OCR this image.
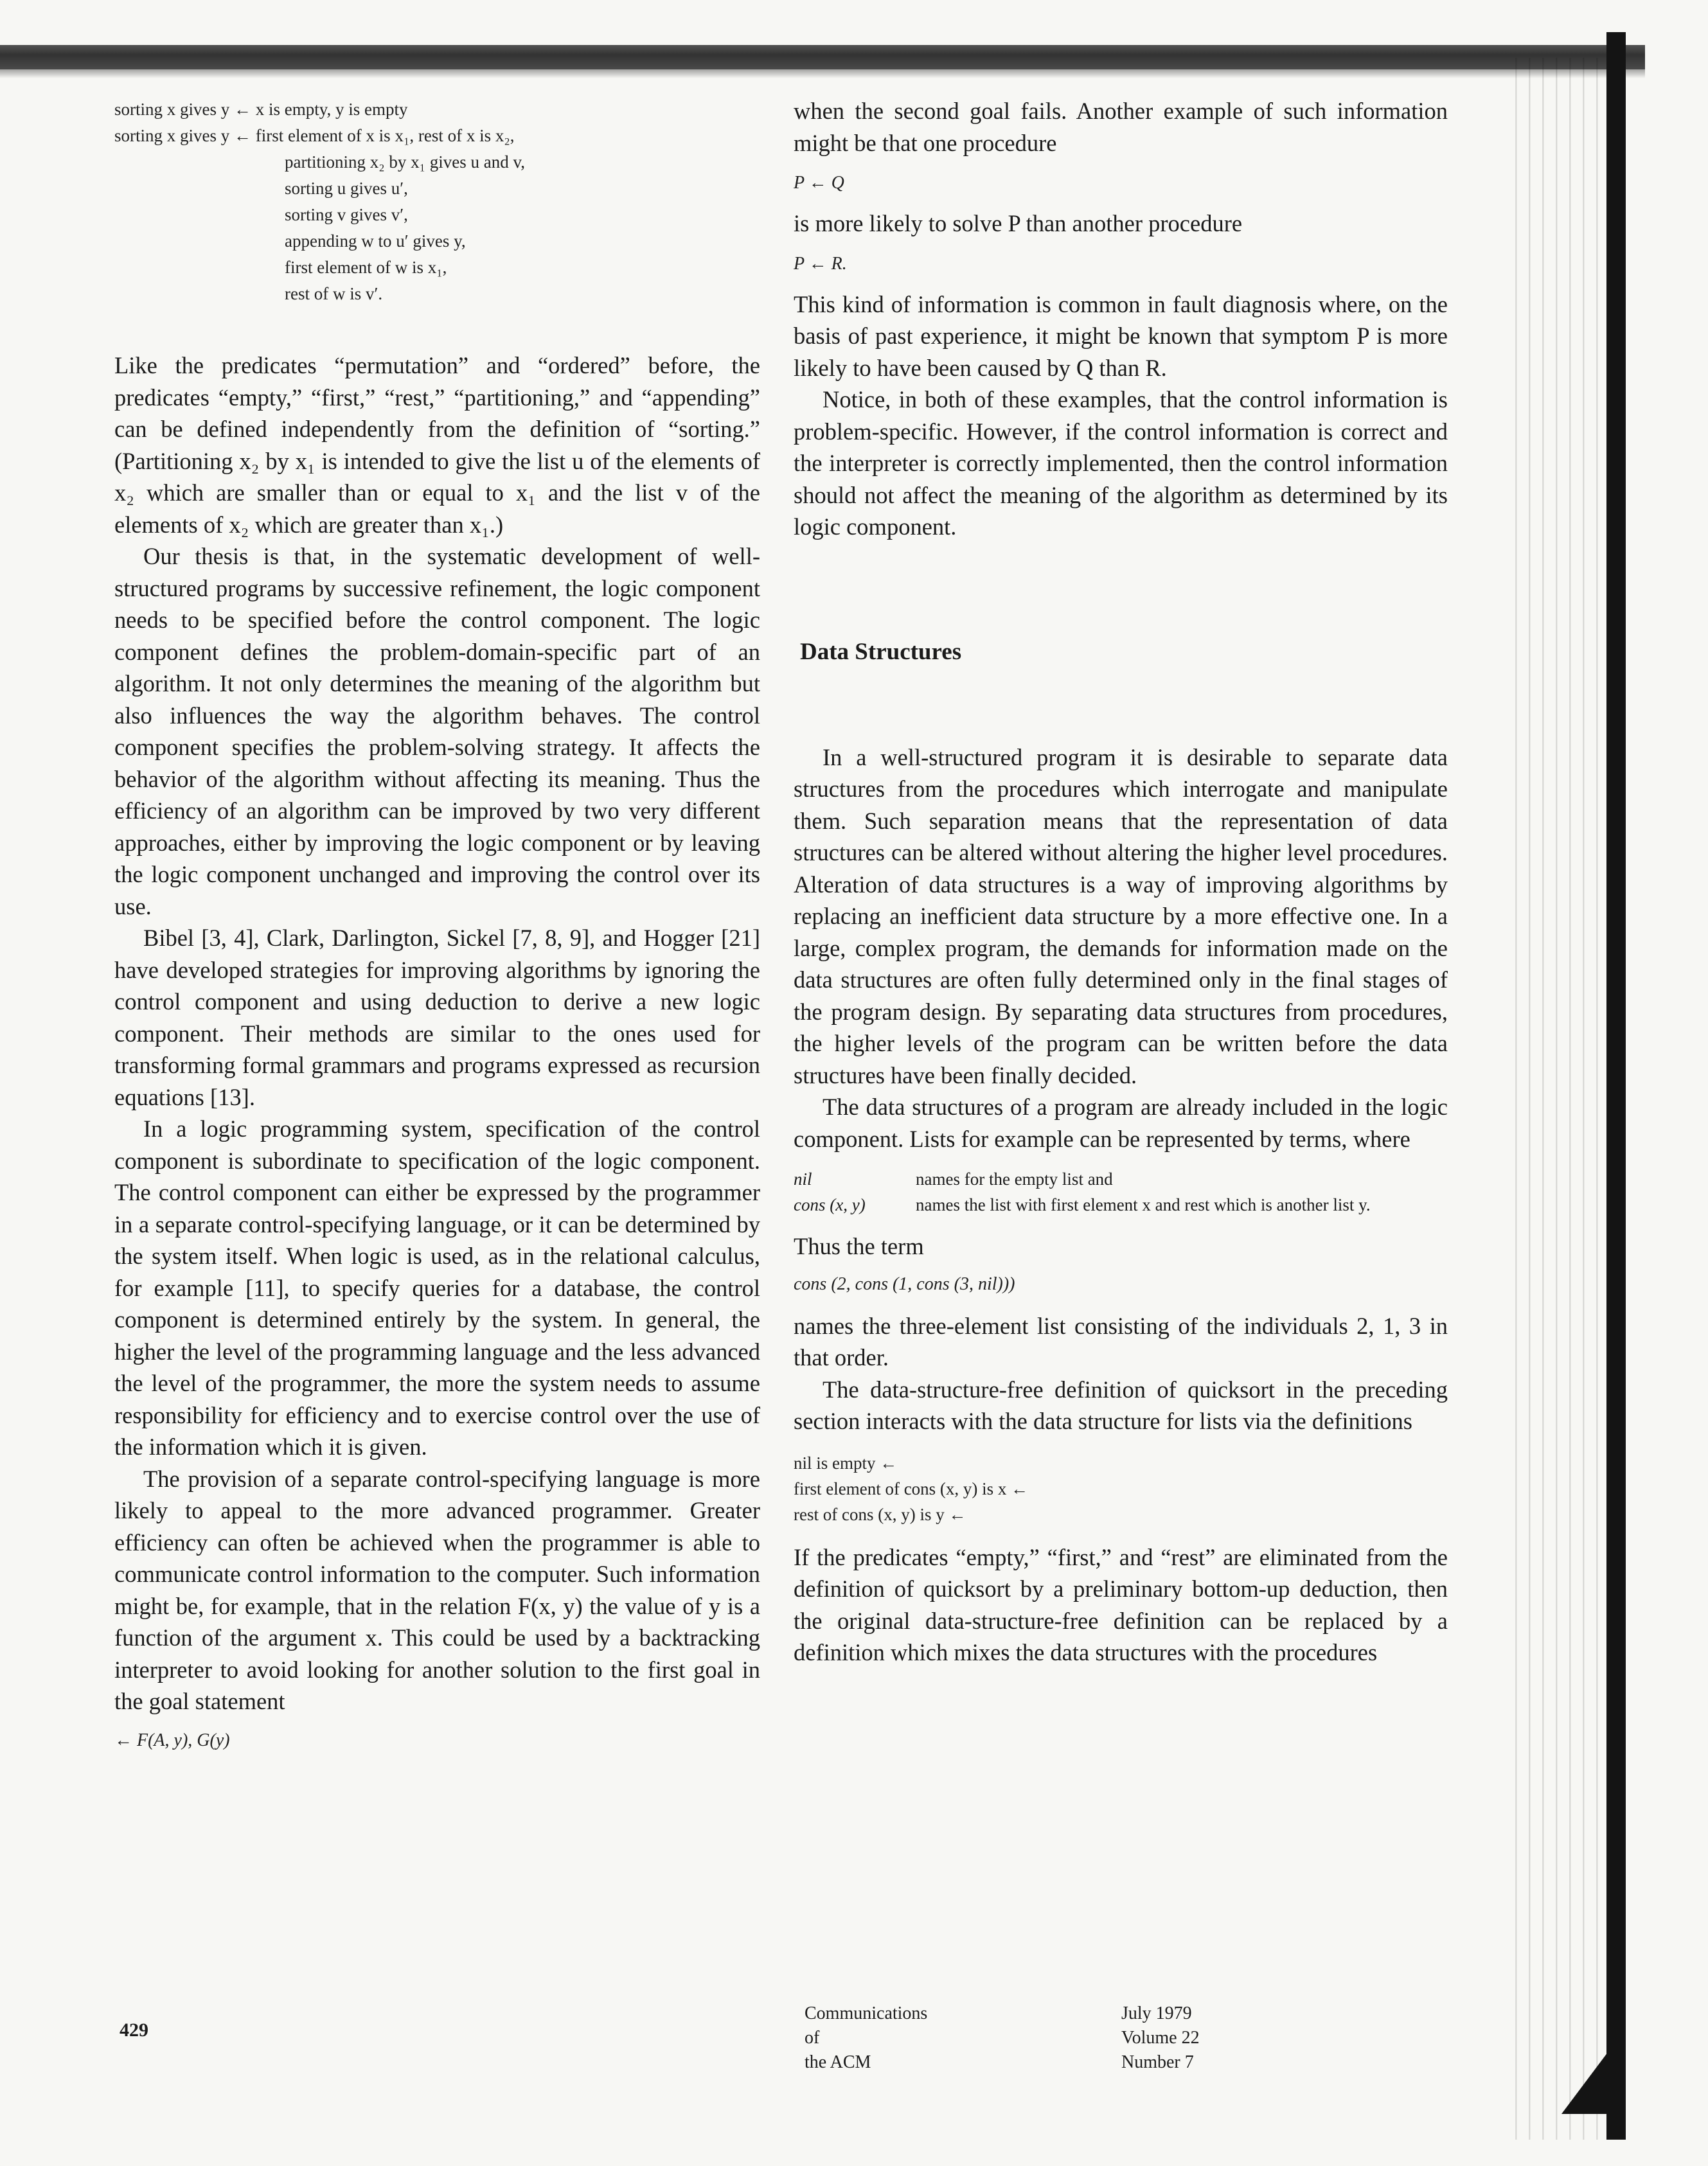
sorting x gives y ← x is empty, y is empty
sorting x gives y ← first element of x is x₁, rest of x is x₂,
partitioning x₂ by x₁ gives u and v,
sorting u gives u′,
sorting v gives v′,
appending w to u′ gives y,
first element of w is x₁,
rest of w is v′.

Like the predicates “permutation” and “ordered” before, the predicates “empty,” “first,” “rest,” “partitioning,” and “appending” can be defined independently from the definition of “sorting.” (Partitioning x₂ by x₁ is intended to give the list u of the elements of x₂ which are smaller than or equal to x₁ and the list v of the elements of x₂ which are greater than x₁.)

Our thesis is that, in the systematic development of well-structured programs by successive refinement, the logic component needs to be specified before the control component. The logic component defines the problem-domain-specific part of an algorithm. It not only determines the meaning of the algorithm but also influences the way the algorithm behaves. The control component specifies the problem-solving strategy. It affects the behavior of the algorithm without affecting its meaning. Thus the efficiency of an algorithm can be improved by two very different approaches, either by improving the logic component or by leaving the logic component unchanged and improving the control over its use.

Bibel [3, 4], Clark, Darlington, Sickel [7, 8, 9], and Hogger [21] have developed strategies for improving algorithms by ignoring the control component and using deduction to derive a new logic component. Their methods are similar to the ones used for transforming formal grammars and programs expressed as recursion equations [13].

In a logic programming system, specification of the control component is subordinate to specification of the logic component. The control component can either be expressed by the programmer in a separate control-specifying language, or it can be determined by the system itself. When logic is used, as in the relational calculus, for example [11], to specify queries for a database, the control component is determined entirely by the system. In general, the higher the level of the programming language and the less advanced the level of the programmer, the more the system needs to assume responsibility for efficiency and to exercise control over the use of the information which it is given.

The provision of a separate control-specifying language is more likely to appeal to the more advanced programmer. Greater efficiency can often be achieved when the programmer is able to communicate control information to the computer. Such information might be, for example, that in the relation F(x, y) the value of y is a function of the argument x. This could be used by a backtracking interpreter to avoid looking for another solution to the first goal in the goal statement

← F(A, y), G(y)
429

when the second goal fails. Another example of such information might be that one procedure

P ← Q

is more likely to solve P than another procedure

P ← R.

This kind of information is common in fault diagnosis where, on the basis of past experience, it might be known that symptom P is more likely to have been caused by Q than R.

Notice, in both of these examples, that the control information is problem-specific. However, if the control information is correct and the interpreter is correctly implemented, then the control information should not affect the meaning of the algorithm as determined by its logic component.

Data Structures

In a well-structured program it is desirable to separate data structures from the procedures which interrogate and manipulate them. Such separation means that the representation of data structures can be altered without altering the higher level procedures. Alteration of data structures is a way of improving algorithms by replacing an inefficient data structure by a more effective one. In a large, complex program, the demands for information made on the data structures are often fully determined only in the final stages of the program design. By separating data structures from procedures, the higher levels of the program can be written before the data structures have been finally decided.

The data structures of a program are already included in the logic component. Lists for example can be represented by terms, where

nil	names for the empty list and
cons (x, y)	names the list with first element x and rest which is another list y.

Thus the term

cons (2, cons (1, cons (3, nil)))

names the three-element list consisting of the individuals 2, 1, 3 in that order.

The data-structure-free definition of quicksort in the preceding section interacts with the data structure for lists via the definitions

nil is empty ←
first element of cons (x, y) is x ←
rest of cons (x, y) is y ←

If the predicates “empty,” “first,” and “rest” are eliminated from the definition of quicksort by a preliminary bottom-up deduction, then the original data-structure-free definition can be replaced by a definition which mixes the data structures with the procedures

Communications
of
the ACM
July 1979
Volume 22
Number 7
